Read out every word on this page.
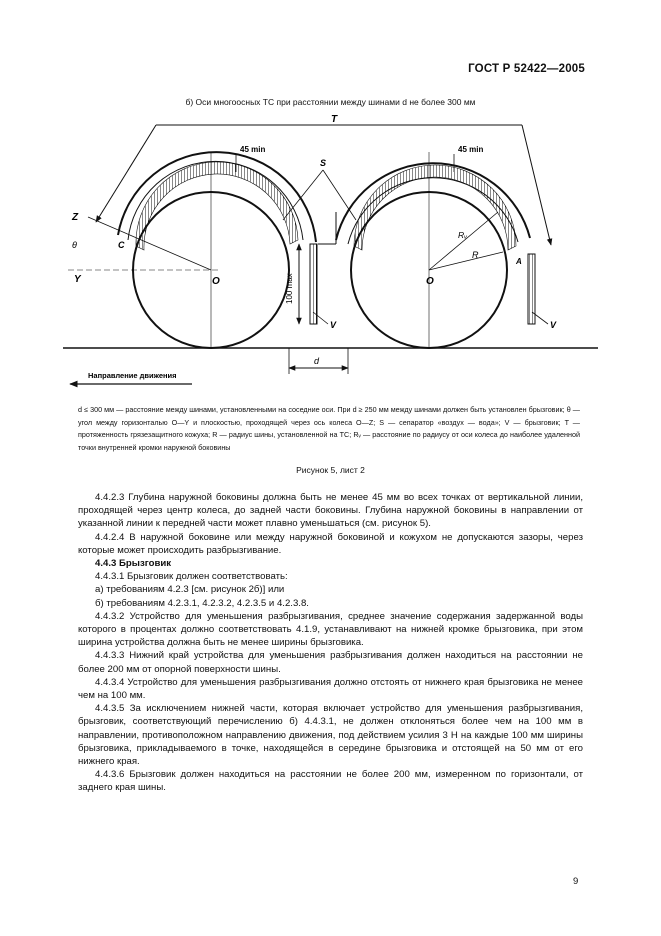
ГОСТ Р 52422—2005
б) Оси многоосных ТС при расстоянии между шинами d не более 300 мм
T
100 max
d
45 min	45 min
S
V	V
Z
θ	C
Y	O	O
Rᵥ
R
A
Направление движения

d ≤ 300 мм — расстояние между шинами, установленными на соседние оси. При d ≥ 250 мм между шинами должен быть установлен брызговик; θ — угол между горизонталью O—Y и плоскостью, проходящей через ось колеса O—Z; S — сепаратор «воздух — вода»; V — брызговик; T — протяженность грязезащитного кожуха; R — радиус шины, установленной на ТС; Rᵥ — расстояние по радиусу от оси колеса до наиболее удаленной точки внутренней кромки наружной боковины

Рисунок 5, лист 2

4.4.2.3 Глубина наружной боковины должна быть не менее 45 мм во всех точках от вертикальной линии, проходящей через центр колеса, до задней части боковины. Глубина наружной боковины в направлении от указанной линии к передней части может плавно уменьшаться (см. рисунок 5).

4.4.2.4 В наружной боковине или между наружной боковиной и кожухом не допускаются зазоры, через которые может происходить разбрызгивание.

4.4.3 Брызговик

4.4.3.1 Брызговик должен соответствовать:

а) требованиям 4.2.3 [см. рисунок 2б)] или

б) требованиям 4.2.3.1, 4.2.3.2, 4.2.3.5 и 4.2.3.8.

4.4.3.2 Устройство для уменьшения разбрызгивания, среднее значение содержания задержанной воды которого в процентах должно соответствовать 4.1.9, устанавливают на нижней кромке брызговика, при этом ширина устройства должна быть не менее ширины брызговика.

4.4.3.3 Нижний край устройства для уменьшения разбрызгивания должен находиться на расстоянии не более 200 мм от опорной поверхности шины.

4.4.3.4 Устройство для уменьшения разбрызгивания должно отстоять от нижнего края брызговика не менее чем на 100 мм.

4.4.3.5 За исключением нижней части, которая включает устройство для уменьшения разбрызгивания, брызговик, соответствующий перечислению б) 4.4.3.1, не должен отклоняться более чем на 100 мм в направлении, противоположном направлению движения, под действием усилия 3 Н на каждые 100 мм ширины брызговика, прикладываемого в точке, находящейся в середине брызговика и отстоящей на 50 мм от его нижнего края.

4.4.3.6 Брызговик должен находиться на расстоянии не более 200 мм, измеренном по горизонтали, от заднего края шины.

9
